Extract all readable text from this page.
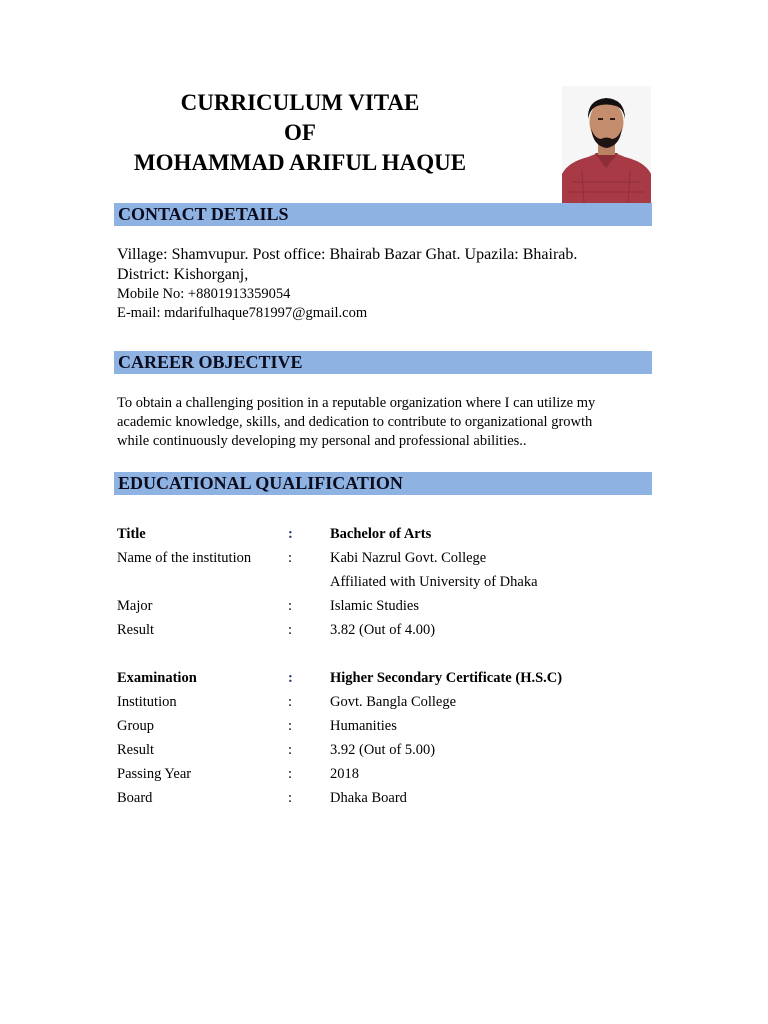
CURRICULUM VITAE
OF
MOHAMMAD ARIFUL HAQUE
CONTACT DETAILS
Village: Shamvupur. Post office: Bhairab Bazar Ghat. Upazila: Bhairab.
District: Kishorganj,
Mobile No: +8801913359054
E-mail: mdarifulhaque781997@gmail.com
CAREER OBJECTIVE
To obtain a challenging position in a reputable organization where I can utilize my
academic knowledge, skills, and dedication to contribute to organizational growth
while continuously developing my personal and professional abilities..
EDUCATIONAL QUALIFICATION
Title	:	Bachelor of Arts
Name of the institution	:	Kabi Nazrul Govt. College
Affiliated with University of Dhaka
Major	:	Islamic Studies
Result	:	3.82 (Out of 4.00)
Examination	:	Higher Secondary Certificate (H.S.C)
Institution	:	Govt. Bangla College
Group	:	Humanities
Result	:	3.92 (Out of 5.00)
Passing Year	:	2018
Board	:	Dhaka Board
